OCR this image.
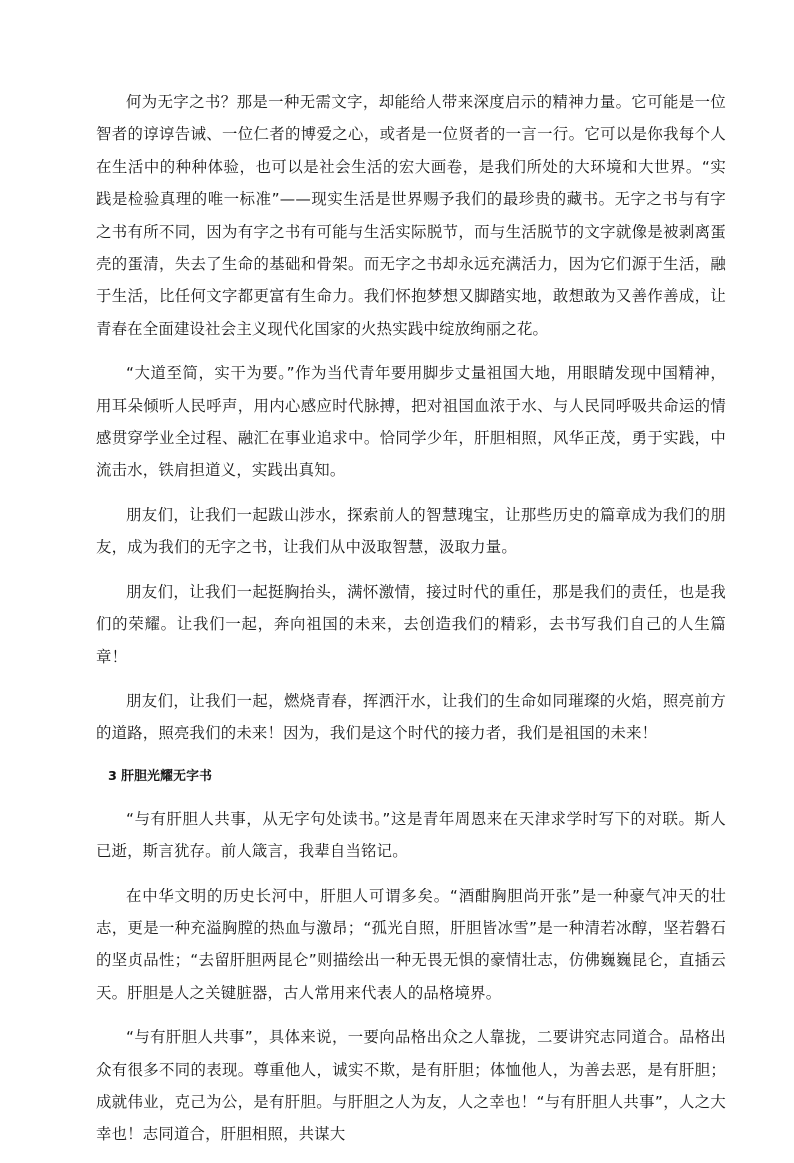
何为无字之书？那是一种无需文字，却能给人带来深度启示的精神力量。它可能是一位智者的谆谆告诫、一位仁者的博爱之心，或者是一位贤者的一言一行。它可以是你我每个人在生活中的种种体验，也可以是社会生活的宏大画卷，是我们所处的大环境和大世界。“实践是检验真理的唯一标准”——现实生活是世界赐予我们的最珍贵的藏书。无字之书与有字之书有所不同，因为有字之书有可能与生活实际脱节，而与生活脱节的文字就像是被剥离蛋壳的蛋清，失去了生命的基础和骨架。而无字之书却永远充满活力，因为它们源于生活，融于生活，比任何文字都更富有生命力。我们怀抱梦想又脚踏实地，敢想敢为又善作善成，让青春在全面建设社会主义现代化国家的火热实践中绽放绚丽之花。

“大道至简，实干为要。”作为当代青年要用脚步丈量祖国大地，用眼睛发现中国精神，用耳朵倾听人民呼声，用内心感应时代脉搏，把对祖国血浓于水、与人民同呼吸共命运的情感贯穿学业全过程、融汇在事业追求中。恰同学少年，肝胆相照，风华正茂，勇于实践，中流击水，铁肩担道义，实践出真知。

朋友们，让我们一起跋山涉水，探索前人的智慧瑰宝，让那些历史的篇章成为我们的朋友，成为我们的无字之书，让我们从中汲取智慧，汲取力量。

朋友们，让我们一起挺胸抬头，满怀激情，接过时代的重任，那是我们的责任，也是我们的荣耀。让我们一起，奔向祖国的未来，去创造我们的精彩，去书写我们自己的人生篇章！

朋友们，让我们一起，燃烧青春，挥洒汗水，让我们的生命如同璀璨的火焰，照亮前方的道路，照亮我们的未来！因为，我们是这个时代的接力者，我们是祖国的未来！

3 肝胆光耀无字书

“与有肝胆人共事，从无字句处读书。”这是青年周恩来在天津求学时写下的对联。斯人已逝，斯言犹存。前人箴言，我辈自当铭记。

在中华文明的历史长河中，肝胆人可谓多矣。“酒酣胸胆尚开张”是一种豪气冲天的壮志，更是一种充溢胸膛的热血与激昂；“孤光自照，肝胆皆冰雪”是一种清若冰醇，坚若磐石的坚贞品性；“去留肝胆两昆仑”则描绘出一种无畏无惧的豪情壮志，仿佛巍巍昆仑，直插云天。肝胆是人之关键脏器，古人常用来代表人的品格境界。

“与有肝胆人共事”，具体来说，一要向品格出众之人靠拢，二要讲究志同道合。品格出众有很多不同的表现。尊重他人，诚实不欺，是有肝胆；体恤他人，为善去恶，是有肝胆；成就伟业，克己为公，是有肝胆。与肝胆之人为友，人之幸也！“与有肝胆人共事”，人之大幸也！志同道合，肝胆相照，共谋大
